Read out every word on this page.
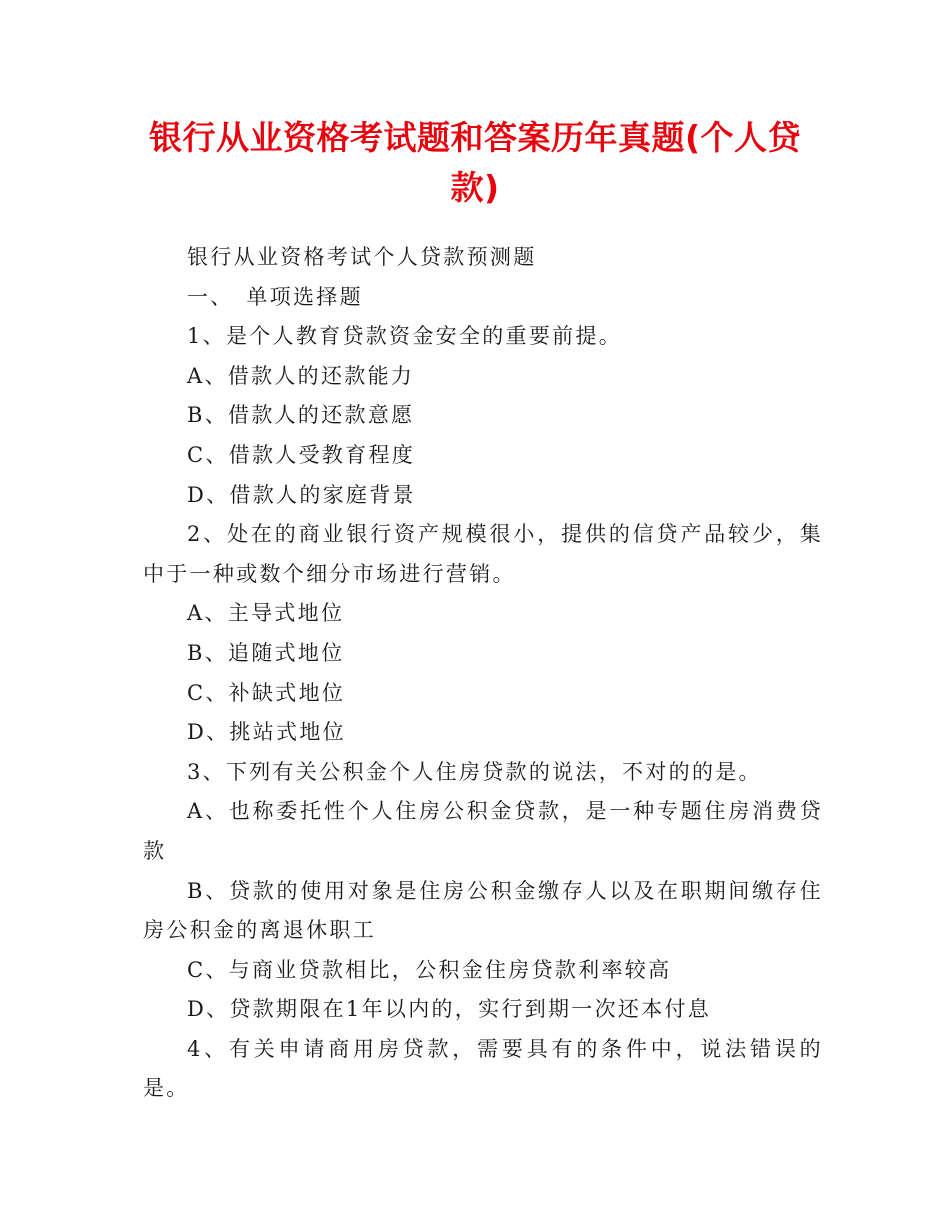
银行从业资格考试题和答案历年真题(个人贷款)

银行从业资格考试个人贷款预测题

一、　单项选择题

1、是个人教育贷款资金安全的重要前提。

A、借款人的还款能力

B、借款人的还款意愿

C、借款人受教育程度

D、借款人的家庭背景

2、处在的商业银行资产规模很小，提供的信贷产品较少，集中于一种或数个细分市场进行营销。

A、主导式地位

B、追随式地位

C、补缺式地位

D、挑站式地位

3、下列有关公积金个人住房贷款的说法，不对的的是。

A、也称委托性个人住房公积金贷款，是一种专题住房消费贷款

B、贷款的使用对象是住房公积金缴存人以及在职期间缴存住房公积金的离退休职工

C、与商业贷款相比，公积金住房贷款利率较高

D、贷款期限在1年以内的，实行到期一次还本付息

4、有关申请商用房贷款，需要具有的条件中，说法错误的是。
